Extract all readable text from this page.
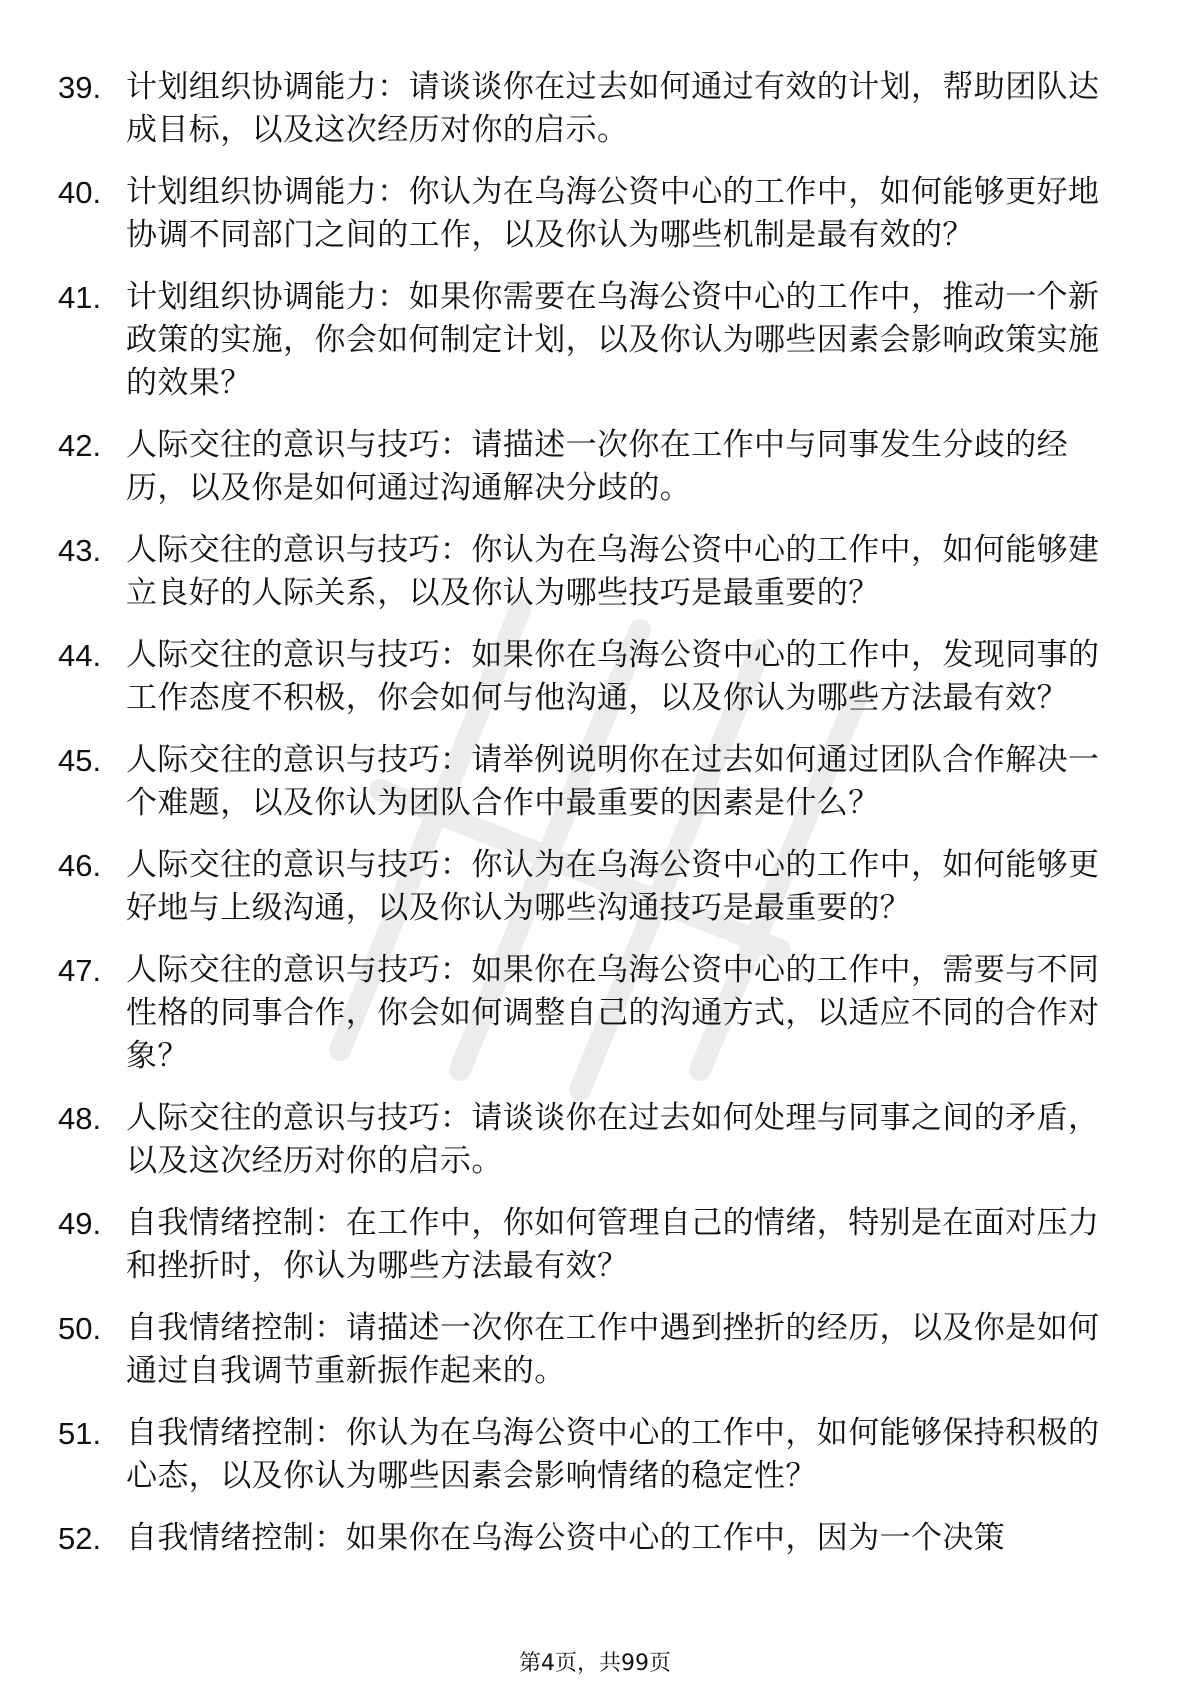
39. 计划组织协调能力：请谈谈你在过去如何通过有效的计划，帮助团队达成目标，以及这次经历对你的启示。
40. 计划组织协调能力：你认为在乌海公资中心的工作中，如何能够更好地协调不同部门之间的工作，以及你认为哪些机制是最有效的？
41. 计划组织协调能力：如果你需要在乌海公资中心的工作中，推动一个新政策的实施，你会如何制定计划，以及你认为哪些因素会影响政策实施的效果？
42. 人际交往的意识与技巧：请描述一次你在工作中与同事发生分歧的经历，以及你是如何通过沟通解决分歧的。
43. 人际交往的意识与技巧：你认为在乌海公资中心的工作中，如何能够建立良好的人际关系，以及你认为哪些技巧是最重要的？
44. 人际交往的意识与技巧：如果你在乌海公资中心的工作中，发现同事的工作态度不积极，你会如何与他沟通，以及你认为哪些方法最有效？
45. 人际交往的意识与技巧：请举例说明你在过去如何通过团队合作解决一个难题，以及你认为团队合作中最重要的因素是什么？
46. 人际交往的意识与技巧：你认为在乌海公资中心的工作中，如何能够更好地与上级沟通，以及你认为哪些沟通技巧是最重要的？
47. 人际交往的意识与技巧：如果你在乌海公资中心的工作中，需要与不同性格的同事合作，你会如何调整自己的沟通方式，以适应不同的合作对象？
48. 人际交往的意识与技巧：请谈谈你在过去如何处理与同事之间的矛盾，以及这次经历对你的启示。
49. 自我情绪控制：在工作中，你如何管理自己的情绪，特别是在面对压力和挫折时，你认为哪些方法最有效？
50. 自我情绪控制：请描述一次你在工作中遇到挫折的经历，以及你是如何通过自我调节重新振作起来的。
51. 自我情绪控制：你认为在乌海公资中心的工作中，如何能够保持积极的心态，以及你认为哪些因素会影响情绪的稳定性？
52. 自我情绪控制：如果你在乌海公资中心的工作中，因为一个决策
第4页，共99页
